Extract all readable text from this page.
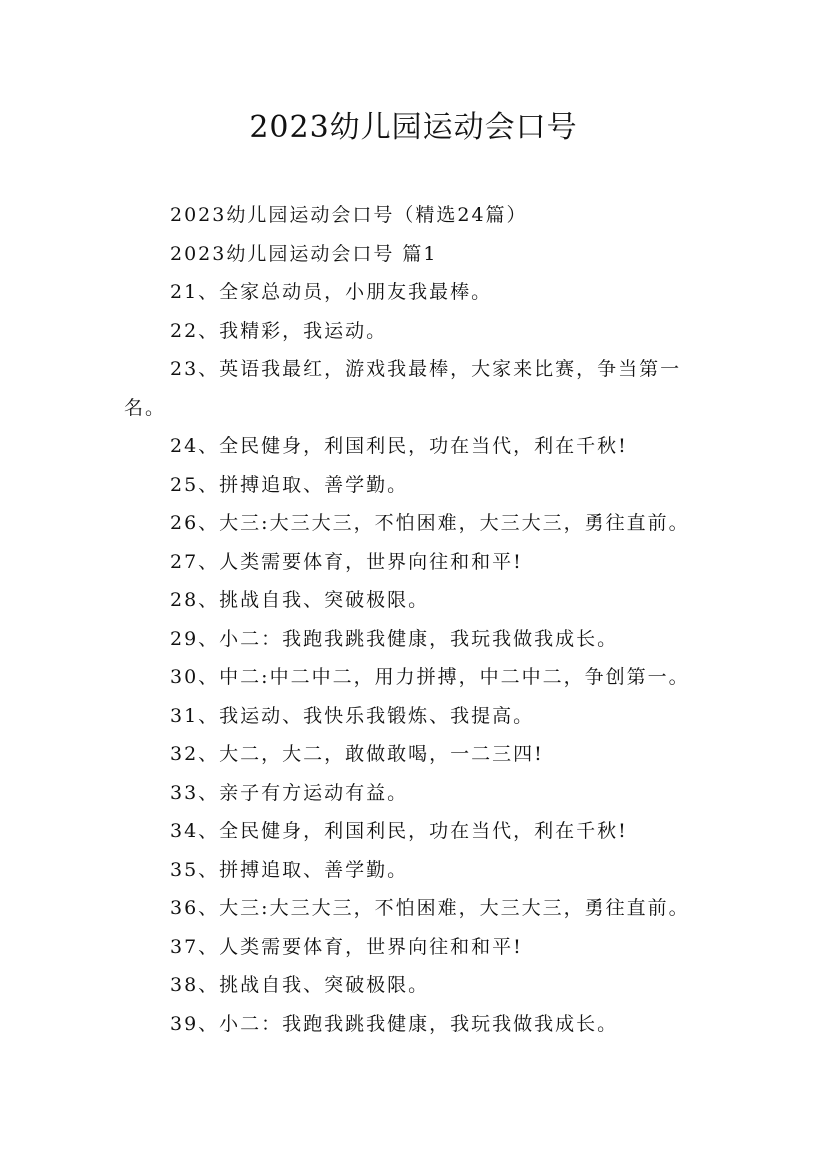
2023幼儿园运动会口号

2023幼儿园运动会口号（精选24篇）

2023幼儿园运动会口号 篇1

21、全家总动员，小朋友我最棒。

22、我精彩，我运动。

23、英语我最红，游戏我最棒，大家来比赛，争当第一名。

24、全民健身，利国利民，功在当代，利在千秋!

25、拼搏追取、善学勤。

26、大三:大三大三，不怕困难，大三大三，勇往直前。

27、人类需要体育，世界向往和和平!

28、挑战自我、突破极限。

29、小二：我跑我跳我健康，我玩我做我成长。

30、中二:中二中二，用力拼搏，中二中二，争创第一。

31、我运动、我快乐我锻炼、我提高。

32、大二，大二，敢做敢喝，一二三四!

33、亲子有方运动有益。

34、全民健身，利国利民，功在当代，利在千秋!

35、拼搏追取、善学勤。

36、大三:大三大三，不怕困难，大三大三，勇往直前。

37、人类需要体育，世界向往和和平!

38、挑战自我、突破极限。

39、小二：我跑我跳我健康，我玩我做我成长。
